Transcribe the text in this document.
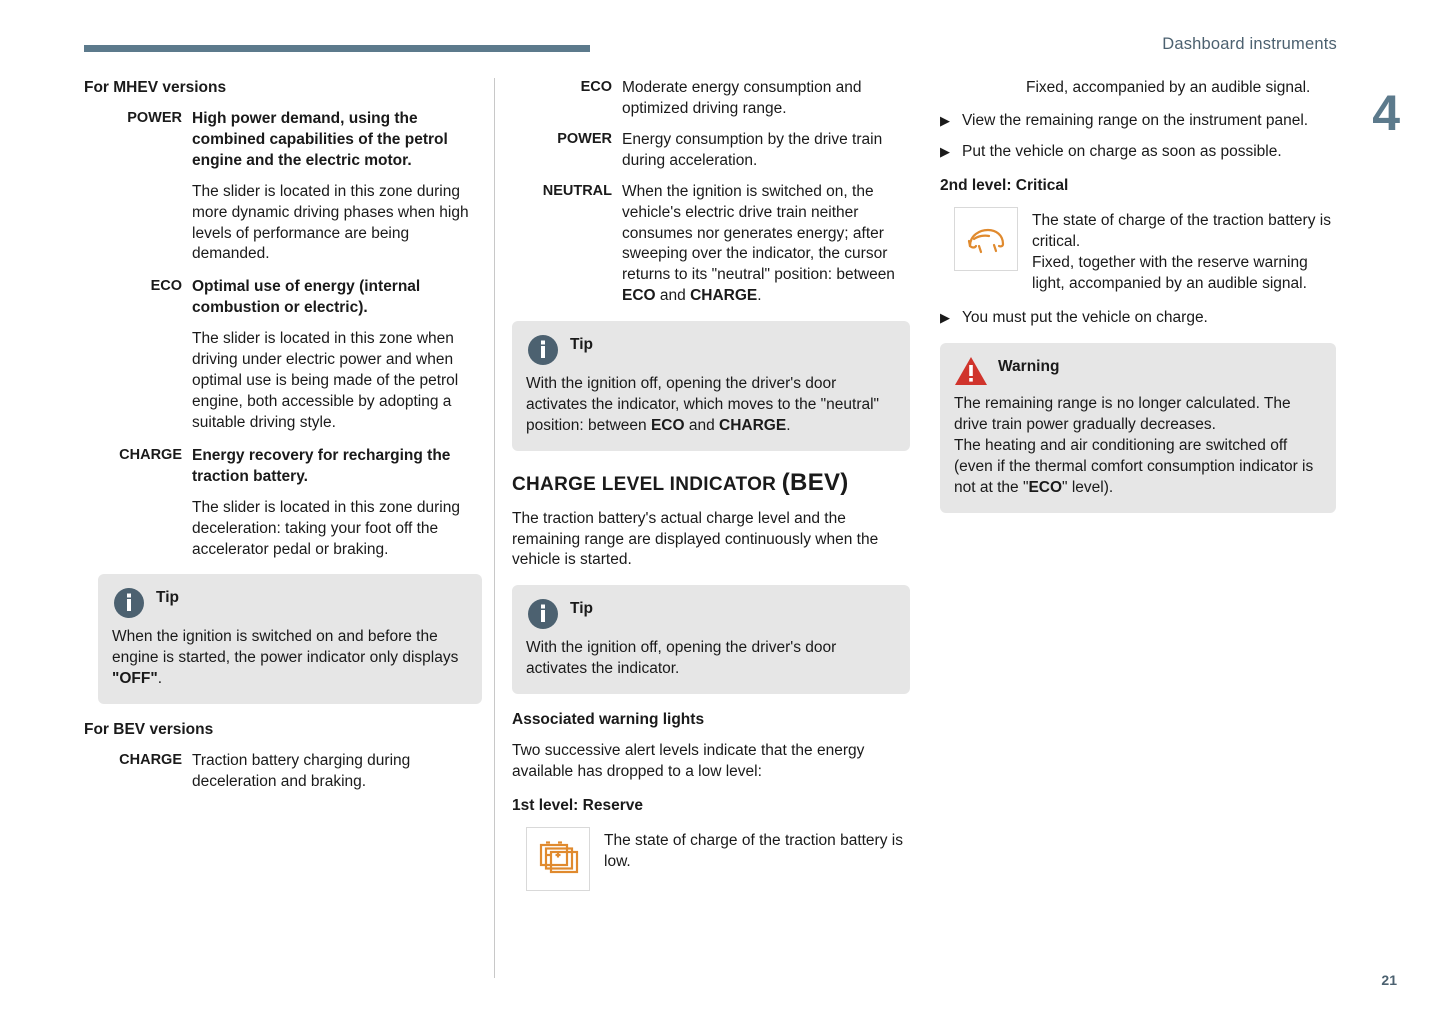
Dashboard instruments
4
21
For MHEV versions
POWER High power demand, using the combined capabilities of the petrol engine and the electric motor.

The slider is located in this zone during more dynamic driving phases when high levels of performance are being demanded.

ECO Optimal use of energy (internal combustion or electric).

The slider is located in this zone when driving under electric power and when optimal use is being made of the petrol engine, both accessible by adopting a suitable driving style.

CHARGE Energy recovery for recharging the traction battery.

The slider is located in this zone during deceleration: taking your foot off the accelerator pedal or braking.

Tip
When the ignition is switched on and before the engine is started, the power indicator only displays "OFF".
For BEV versions
CHARGE Traction battery charging during deceleration and braking.
ECO Moderate energy consumption and optimized driving range.
POWER Energy consumption by the drive train during acceleration.
NEUTRAL When the ignition is switched on, the vehicle's electric drive train neither consumes nor generates energy; after sweeping over the indicator, the cursor returns to its "neutral" position: between ECO and CHARGE.
Tip
With the ignition off, opening the driver's door activates the indicator, which moves to the "neutral" position: between ECO and CHARGE.
CHARGE LEVEL INDICATOR (BEV)

The traction battery's actual charge level and the remaining range are displayed continuously when the vehicle is started.

Tip
With the ignition off, opening the driver's door activates the indicator.
Associated warning lights

Two successive alert levels indicate that the energy available has dropped to a low level:

1st level: Reserve
The state of charge of the traction battery is low.

Fixed, accompanied by an audible signal.

▶ View the remaining range on the instrument panel.
▶ Put the vehicle on charge as soon as possible.
2nd level: Critical
The state of charge of the traction battery is critical.
Fixed, together with the reserve warning light, accompanied by an audible signal.
▶ You must put the vehicle on charge.
Warning
The remaining range is no longer calculated. The drive train power gradually decreases.
The heating and air conditioning are switched off (even if the thermal comfort consumption indicator is not at the "ECO" level).
